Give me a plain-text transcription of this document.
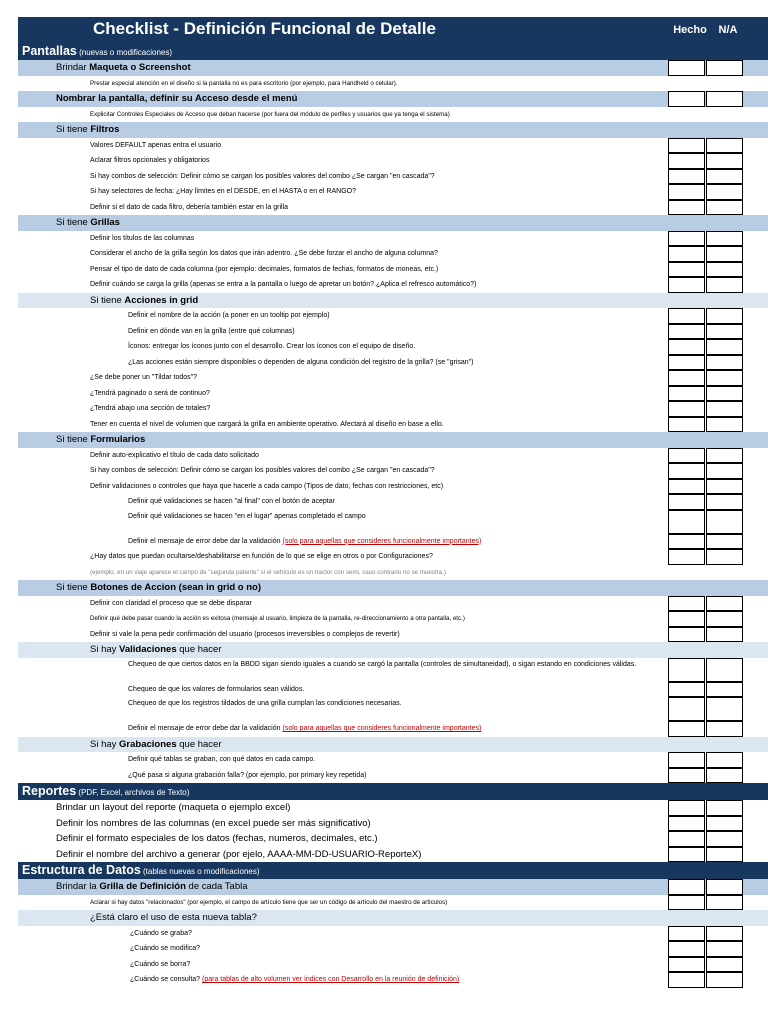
Checklist - Definición Funcional de Detalle	Hecho	N/A
Pantallas (nuevas o modificaciones)
Brindar Maqueta o Screenshot
Prestar especial atención en el diseño si la pantalla no es para escritorio (por ejemplo, para Handheld o celular).
Nombrar la pantalla, definir su Acceso desde el menú
Explicitar Controles Especiales de Acceso que deban hacerse (por fuera del módulo de perfiles y usuarios que ya tenga el sistema)
Si tiene Filtros
Valores DEFAULT apenas entra el usuario
Aclarar filtros opcionales y obligatorios
Si hay combos de selección: Definir cómo se cargan los posibles valores del combo ¿Se cargan "en cascada"?
Si hay selectores de fecha: ¿Hay límites en el DESDE, en el HASTA o en el RANGO?
Definir si el dato de cada filtro, debería también estar en la grilla
Si tiene Grillas
Definir los títulos de las columnas
Considerar el ancho de la grilla según los datos que irán adentro. ¿Se debe forzar el ancho de alguna columna?
Pensar el tipo de dato de cada columna (por ejemplo: decimales, formatos de fechas, formatos de moneas, etc.)
Definir cuándo se carga la grilla (apenas se entra a la pantalla o luego de apretar un botón? ¿Aplica el refresco automático?)
Si tiene Acciones in grid
Definir el nombre de la acción (a poner en un tooltip por ejemplo)
Definir en dónde van en la grilla (entre qué columnas)
Íconos: entregar los íconos junto con el desarrollo. Crear los íconos con el equipo de diseño.
¿Las acciones están siempre disponibles o dependen de alguna condición del registro de la grilla? (se "grisan")
¿Se debe poner un "Tildar todos"?
¿Tendrá paginado o será de continuo?
¿Tendrá abajo una sección de totales?
Tener en cuenta el nivel de volumen que cargará la grilla en ambiente operativo. Afectará al diseño en base a ello.
Si tiene Formularios
Definir auto-explicativo el título de cada dato solicitado
Si hay combos de selección: Definir cómo se cargan los posibles valores del combo ¿Se cargan "en cascada"?
Definir validaciones o controles que haya que hacerle a cada campo (Tipos de dato, fechas con restricciones, etc)
Definir qué validaciones se hacen "al final" con el botón de aceptar
Definir qué validaciones se hacen "en el lugar" apenas completado el campo
Definir el mensaje de error debe dar la validación (solo para aquellas que consideres funcionalmente importantes)
¿Hay datos que puedan ocultarse/deshabilitarse en función de lo que se elige en otros o por Configuraciones?
(ejemplo, en un viaje aparece el campo de "segunda patente" si el vehículo es un tractor con semi, caso contrario no se muestra.)
Si tiene Botones de Accion (sean in grid o no)
Definir con claridad el proceso que se debe disparar
Definir qué debe pasar cuando la acción es exitosa (mensaje al usuario, limpieza de la pantalla, re-direccionamiento a otra pantalla, etc.)
Definir si vale la pena pedir confirmación del usuario (procesos irreversibles o complejos de revertir)
Si hay Validaciones que hacer
Chequeo de que ciertos datos en la BBDD sigan siendo iguales a cuando se cargó la pantalla (controles de simultaneidad), o sigan estando en condiciones válidas.
Chequeo de que los valores de formularios sean válidos.
Chequeo de que los registros tildados de una grilla cumplan las condiciones necesarias.
Definir el mensaje de error debe dar la validación (solo para aquellas que consideres funcionalmente importantes)
Si hay Grabaciones que hacer
Definir qué tablas se graban, con qué datos en cada campo.
¿Qué pasa si alguna grabación falla? (por ejemplo, por primary key repetida)
Reportes (PDF, Excel, archivos de Texto)
Brindar un layout del reporte (maqueta o ejemplo excel)
Definir los nombres de las columnas (en excel puede ser más significativo)
Definir el formato especiales de los datos (fechas, numeros, decimales, etc.)
Definir el nombre del archivo a generar (por ejelo, AAAA-MM-DD-USUARIO-ReporteX)
Estructura de Datos (tablas nuevas o modificaciones)
Brindar la Grilla de Definición de cada Tabla
Aclarar si hay datos "relacionados" (por ejemplo, el campo de artículo tiene que ser un código de artículo del maestro de artículos)
¿Está claro el uso de esta nueva tabla?
¿Cuándo se graba?
¿Cuándo se modifica?
¿Cuándo se borra?
¿Cuándo se consulta? (para tablas de alto volumen ver índices con Desarrollo en la reunión de definición)
